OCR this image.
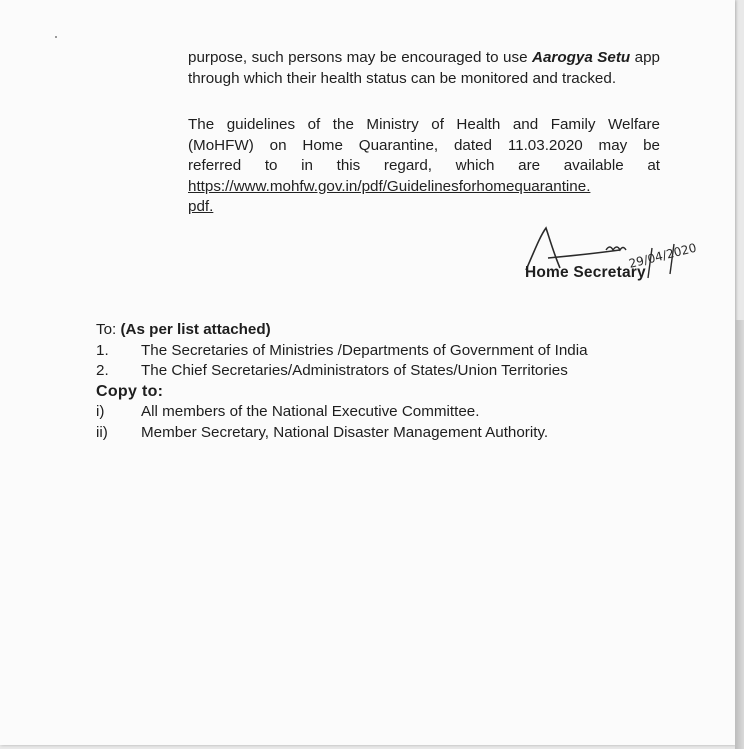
purpose, such persons may be encouraged to use Aarogya Setu app through which their health status can be monitored and tracked.

The guidelines of the Ministry of Health and Family Welfare
(MoHFW) on Home Quarantine, dated 11.03.2020 may be
referred to in this regard, which are available at
https://www.mohfw.gov.in/pdf/Guidelinesforhomequarantine.
pdf.

29/04/2020

Home Secretary

To: (As per list attached)
1.	The Secretaries of Ministries /Departments of Government of India
2.	The Chief Secretaries/Administrators of States/Union Territories
Copy to:
i)	All members of the National Executive Committee.
ii)	Member Secretary, National Disaster Management Authority.
